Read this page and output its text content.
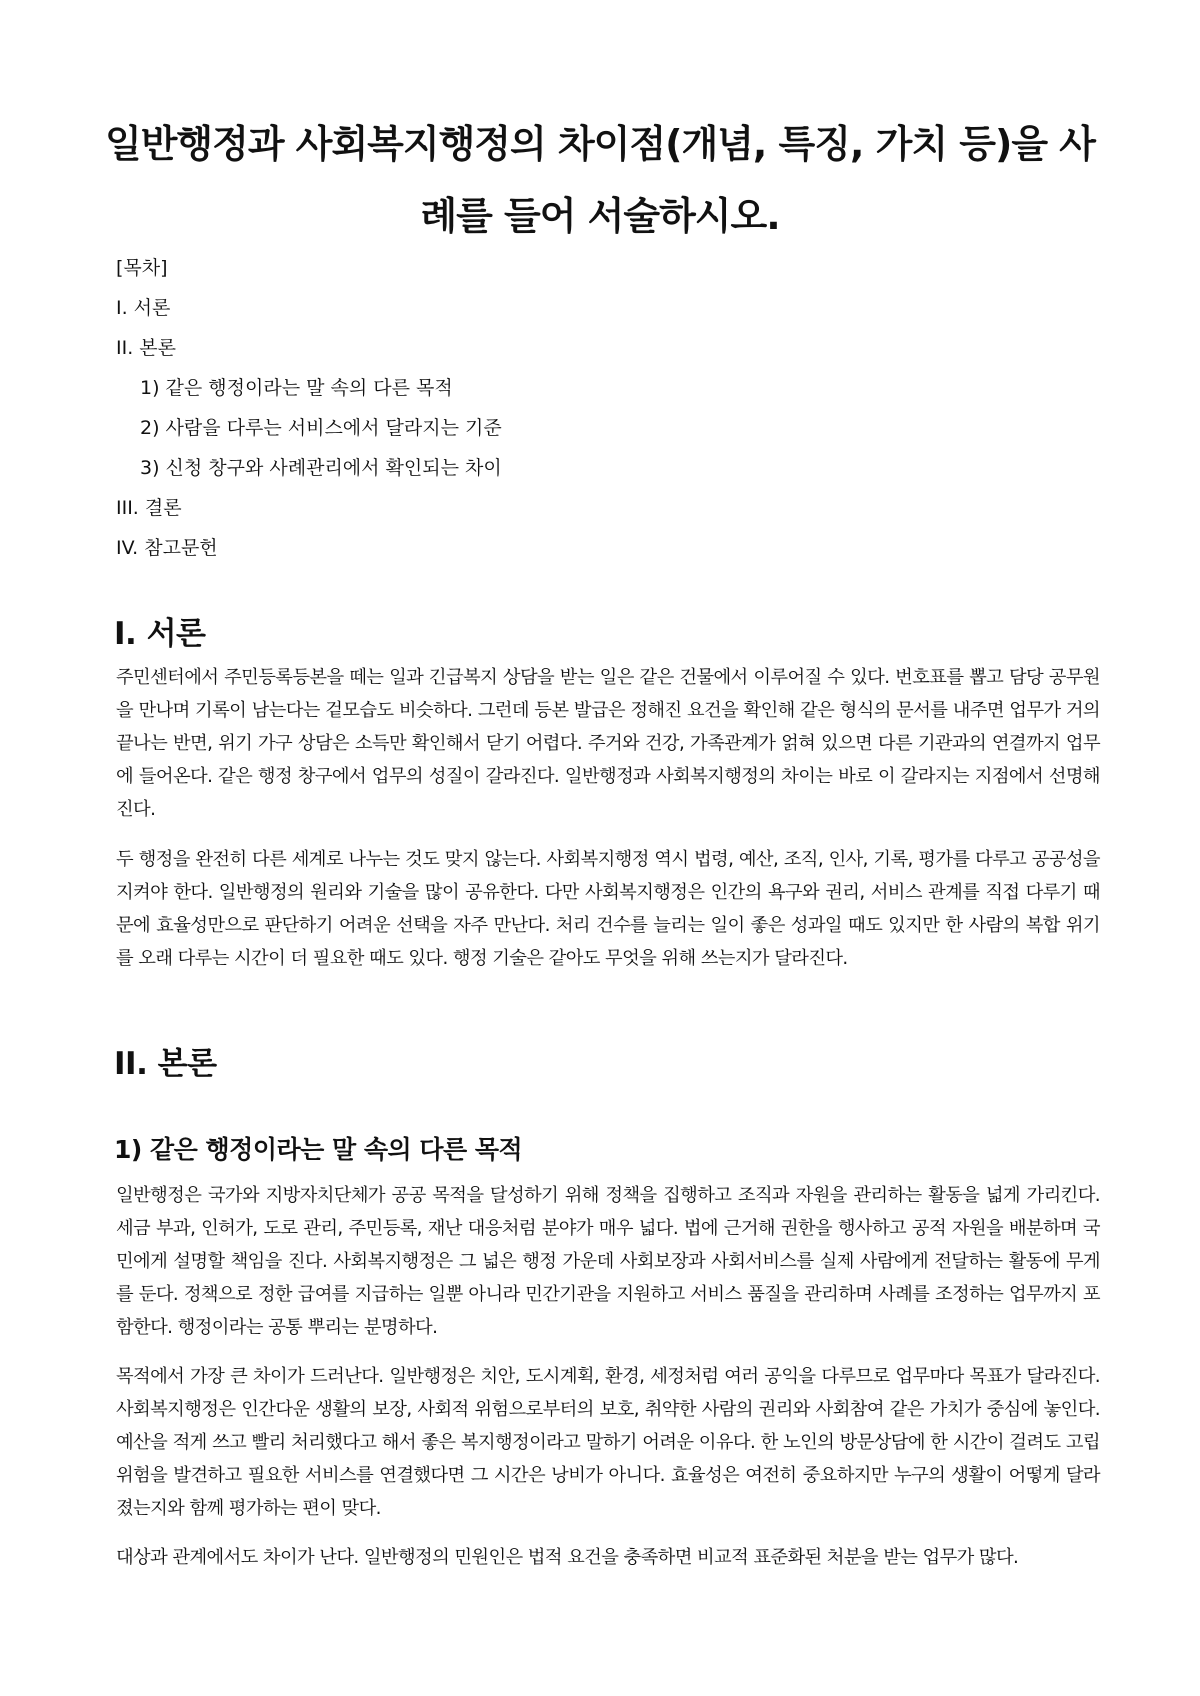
일반행정과 사회복지행정의 차이점(개념, 특징, 가치 등)을 사례를 들어 서술하시오.
[목차]
I. 서론
II. 본론
1) 같은 행정이라는 말 속의 다른 목적
2) 사람을 다루는 서비스에서 달라지는 기준
3) 신청 창구와 사례관리에서 확인되는 차이
III. 결론
IV. 참고문헌
I. 서론

주민센터에서 주민등록등본을 떼는 일과 긴급복지 상담을 받는 일은 같은 건물에서 이루어질 수 있다. 번호표를 뽑고 담당 공무원을 만나며 기록이 남는다는 겉모습도 비슷하다. 그런데 등본 발급은 정해진 요건을 확인해 같은 형식의 문서를 내주면 업무가 거의 끝나는 반면, 위기 가구 상담은 소득만 확인해서 닫기 어렵다. 주거와 건강, 가족관계가 얽혀 있으면 다른 기관과의 연결까지 업무에 들어온다. 같은 행정 창구에서 업무의 성질이 갈라진다. 일반행정과 사회복지행정의 차이는 바로 이 갈라지는 지점에서 선명해진다.

두 행정을 완전히 다른 세계로 나누는 것도 맞지 않는다. 사회복지행정 역시 법령, 예산, 조직, 인사, 기록, 평가를 다루고 공공성을 지켜야 한다. 일반행정의 원리와 기술을 많이 공유한다. 다만 사회복지행정은 인간의 욕구와 권리, 서비스 관계를 직접 다루기 때문에 효율성만으로 판단하기 어려운 선택을 자주 만난다. 처리 건수를 늘리는 일이 좋은 성과일 때도 있지만 한 사람의 복합 위기를 오래 다루는 시간이 더 필요한 때도 있다. 행정 기술은 같아도 무엇을 위해 쓰는지가 달라진다.

II. 본론
1) 같은 행정이라는 말 속의 다른 목적

일반행정은 국가와 지방자치단체가 공공 목적을 달성하기 위해 정책을 집행하고 조직과 자원을 관리하는 활동을 넓게 가리킨다. 세금 부과, 인허가, 도로 관리, 주민등록, 재난 대응처럼 분야가 매우 넓다. 법에 근거해 권한을 행사하고 공적 자원을 배분하며 국민에게 설명할 책임을 진다. 사회복지행정은 그 넓은 행정 가운데 사회보장과 사회서비스를 실제 사람에게 전달하는 활동에 무게를 둔다. 정책으로 정한 급여를 지급하는 일뿐 아니라 민간기관을 지원하고 서비스 품질을 관리하며 사례를 조정하는 업무까지 포함한다. 행정이라는 공통 뿌리는 분명하다.

목적에서 가장 큰 차이가 드러난다. 일반행정은 치안, 도시계획, 환경, 세정처럼 여러 공익을 다루므로 업무마다 목표가 달라진다. 사회복지행정은 인간다운 생활의 보장, 사회적 위험으로부터의 보호, 취약한 사람의 권리와 사회참여 같은 가치가 중심에 놓인다. 예산을 적게 쓰고 빨리 처리했다고 해서 좋은 복지행정이라고 말하기 어려운 이유다. 한 노인의 방문상담에 한 시간이 걸려도 고립 위험을 발견하고 필요한 서비스를 연결했다면 그 시간은 낭비가 아니다. 효율성은 여전히 중요하지만 누구의 생활이 어떻게 달라졌는지와 함께 평가하는 편이 맞다.

대상과 관계에서도 차이가 난다. 일반행정의 민원인은 법적 요건을 충족하면 비교적 표준화된 처분을 받는 업무가 많다.
